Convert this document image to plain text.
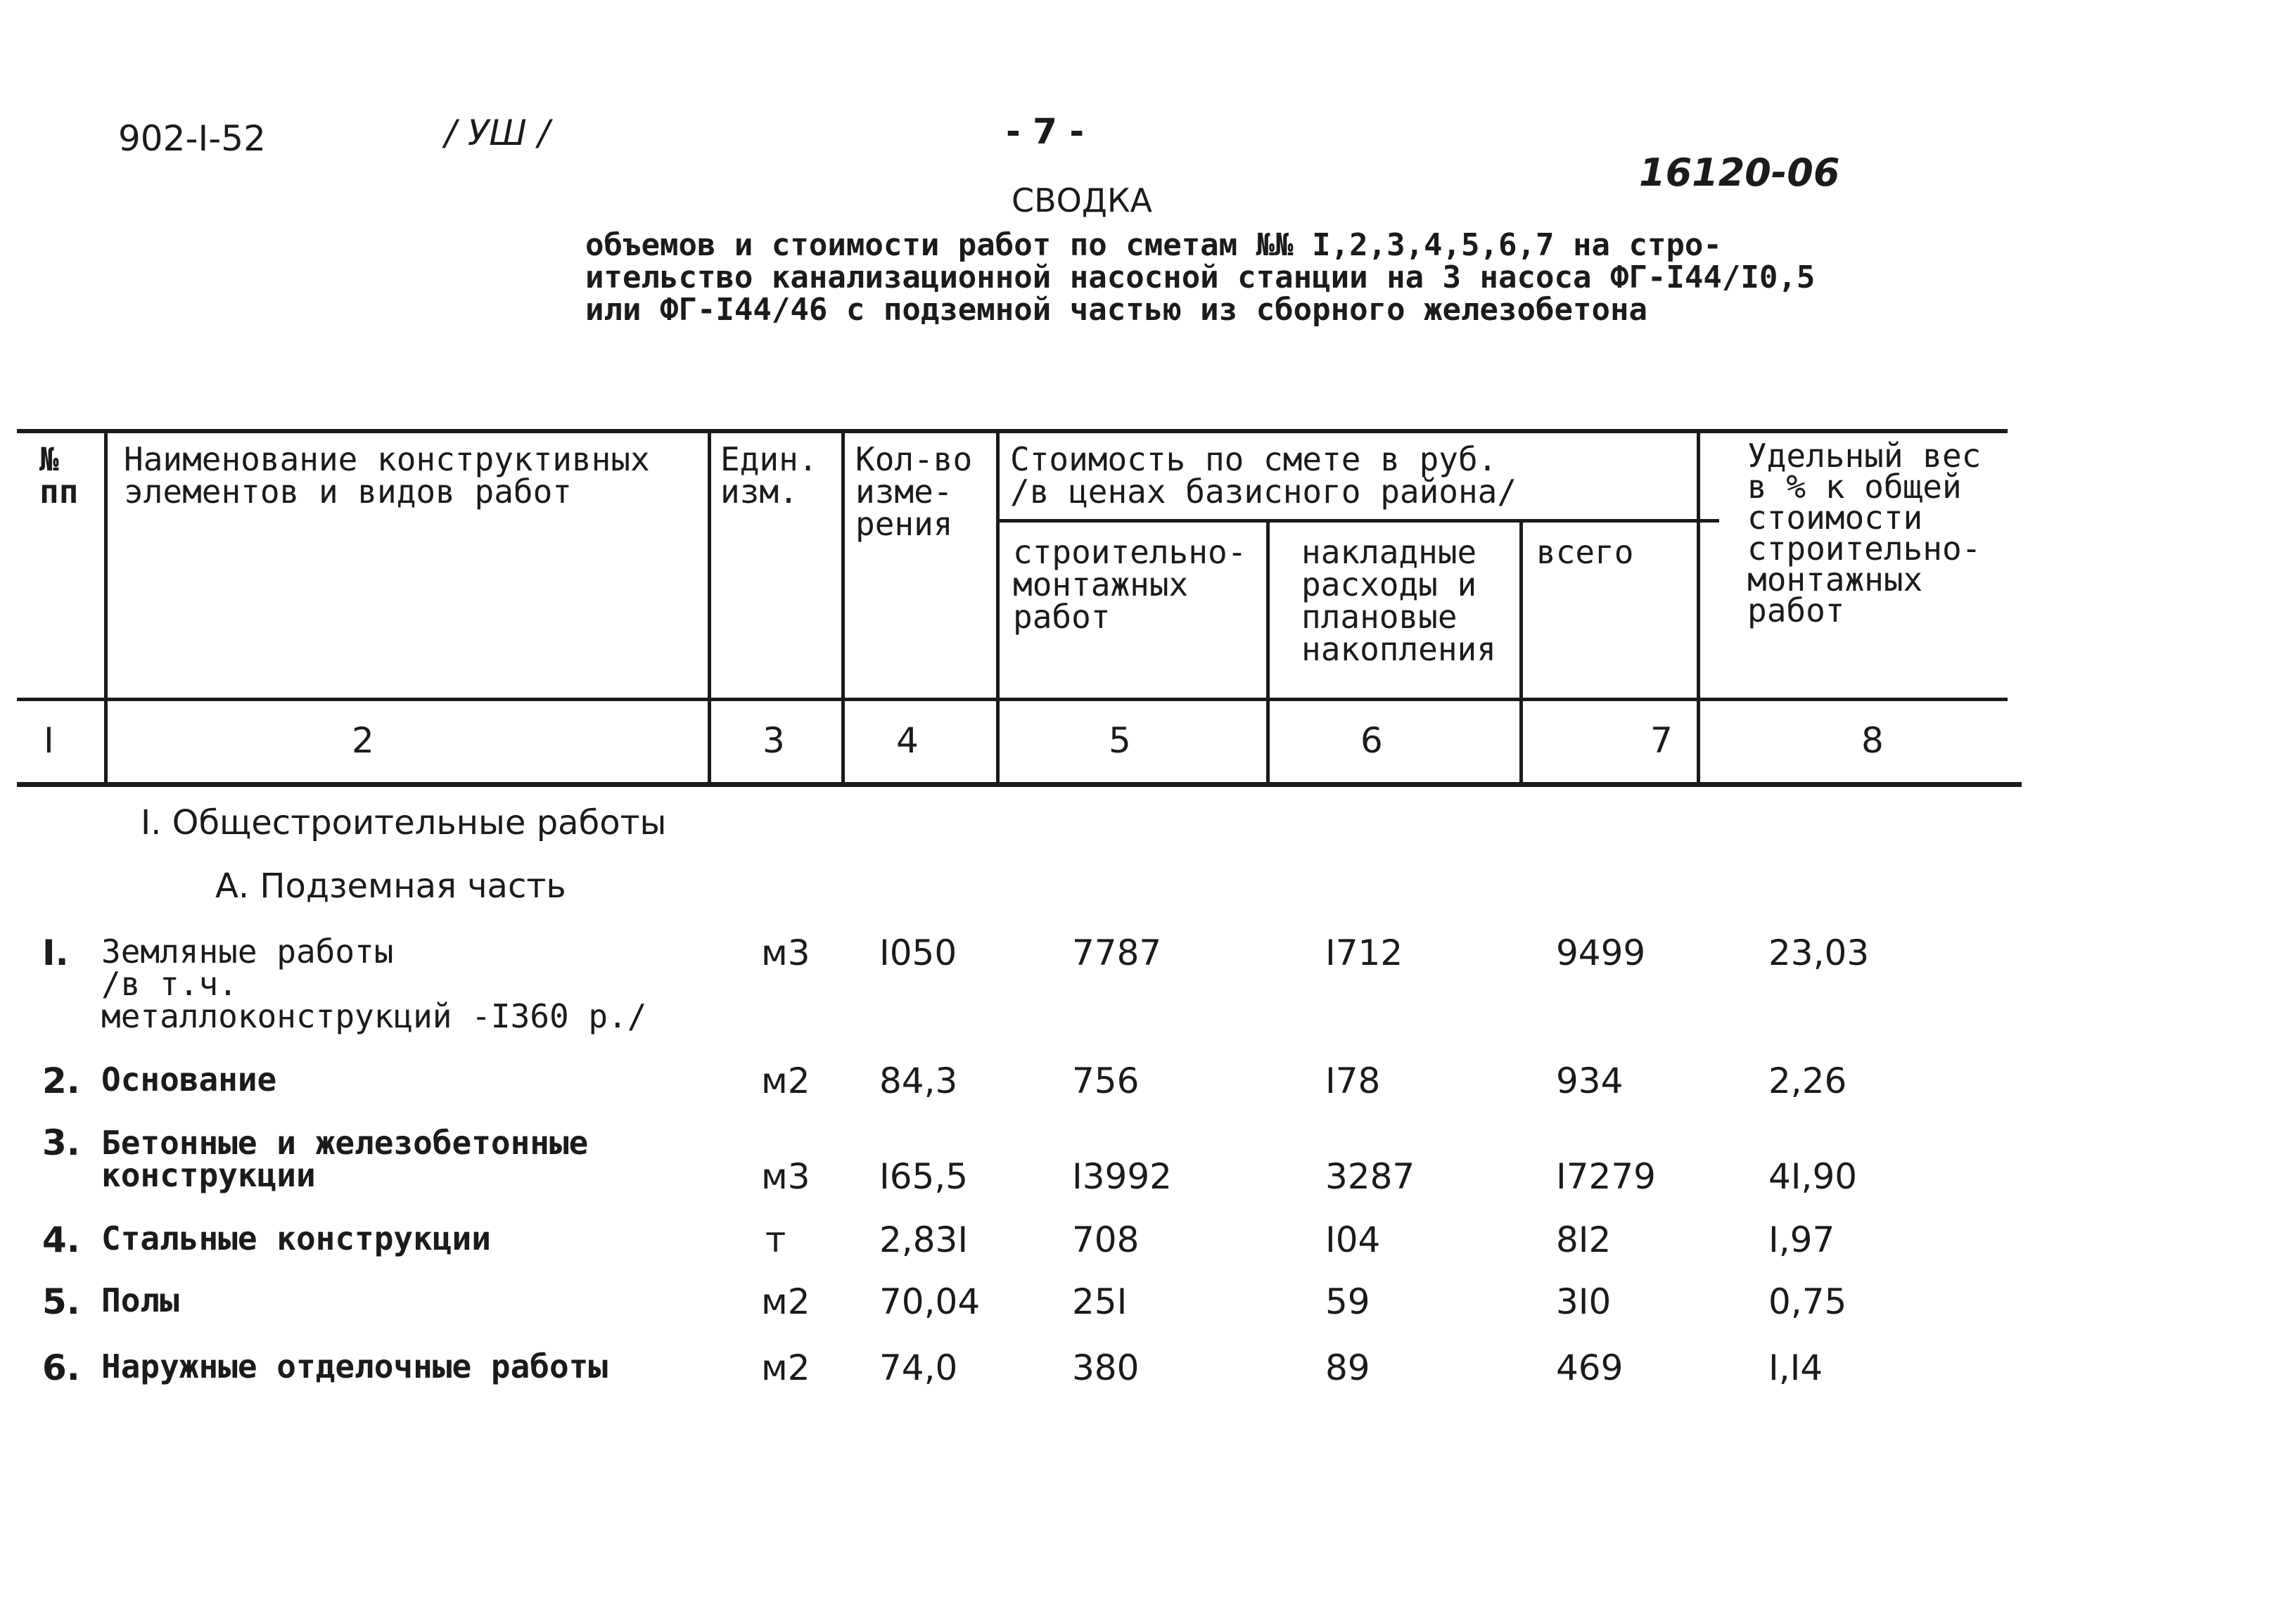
902-I-52	/ УШ /	- 7 -
16120-06
СВОДКА
объемов и стоимости работ по сметам №№ I,2,3,4,5,6,7 на стро-
ительство канализационной насосной станции на 3 насоса ФГ-I44/I0,5
или ФГ-I44/46 с подземной частью из сборного железобетона
№
пп
Наименование конструктивных
элементов и видов работ
Един.
изм.
Кол-во
изме-
рения
Стоимость по смете в руб.
/в ценах базисного района/
строительно-
монтажных
работ
накладные
расходы и
плановые
накопления
всего
Удельный вес
в % к общей
стоимости
строительно-
монтажных
работ
I	2	3	4	5	6	7	8
I. Общестроительные работы
А. Подземная часть
I. Земляные работы
/в т.ч.
металлоконструкций -I360 р./
м3 I050	7787	I712	9499	23,03
2. Основание	м2 84,3	756	I78	934	2,26
3. Бетонные и железобетонные
конструкции	м3 I65,5	I3992	3287	I7279	4I,90
4. Стальные конструкции	т	2,83I	708	I04	8I2	I,97
5. Полы	м2 70,04	25I	59	3I0	0,75
6. Наружные отделочные работы	м2 74,0	380	89	469	I,I4
